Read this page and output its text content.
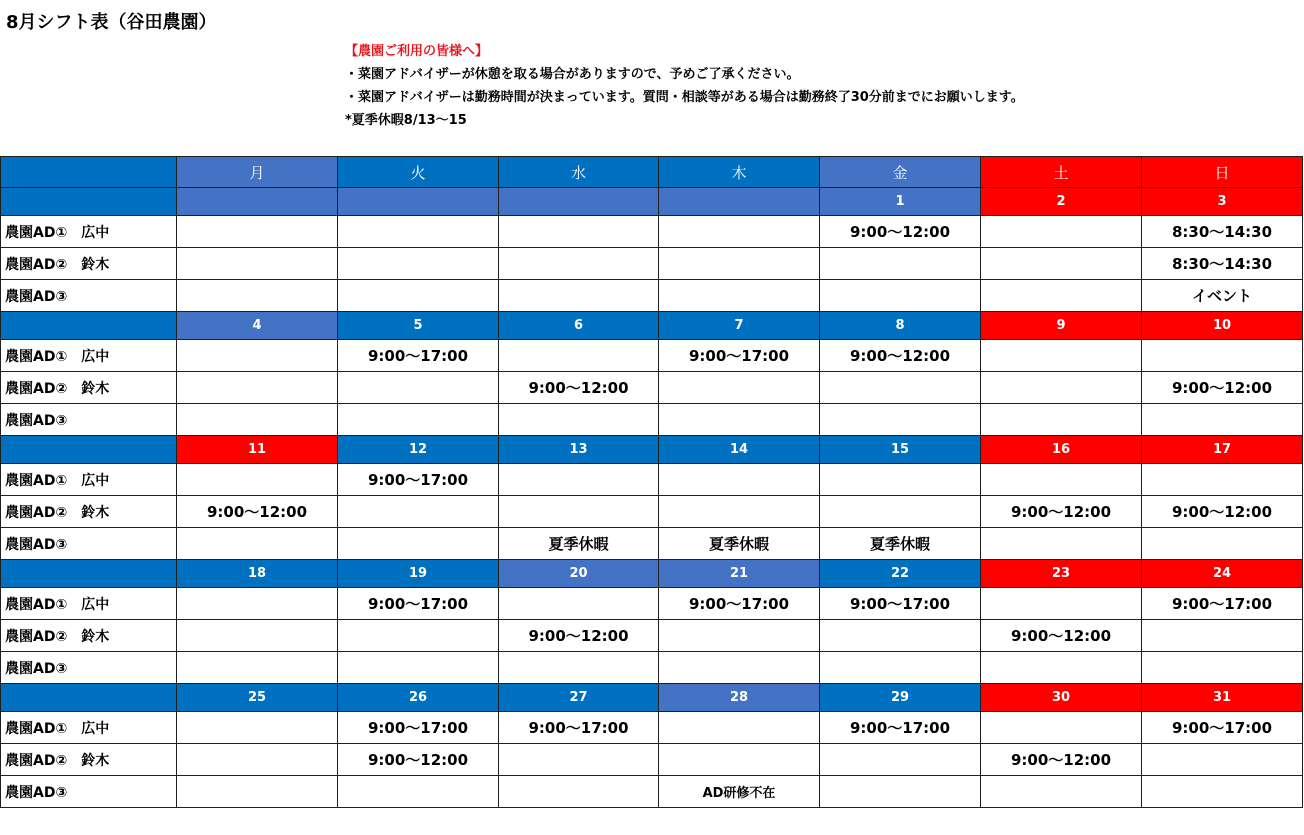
8月シフト表（谷田農園）
【農園ご利用の皆様へ】
・菜園アドバイザーが休憩を取る場合がありますので、予めご了承ください。
・菜園アドバイザーは勤務時間が決まっています。質問・相談等がある場合は勤務終了30分前までにお願いします。
*夏季休暇8/13〜15
	月	火	水	木	金	土	日
					1	2	3
農園AD①　広中					9:00〜12:00		8:30〜14:30
農園AD②　鈴木							8:30〜14:30
農園AD③							イベント
	4	5	6	7	8	9	10
農園AD①　広中		9:00〜17:00		9:00〜17:00	9:00〜12:00		
農園AD②　鈴木			9:00〜12:00				9:00〜12:00
農園AD③							
	11	12	13	14	15	16	17
農園AD①　広中		9:00〜17:00					
農園AD②　鈴木	9:00〜12:00					9:00〜12:00	9:00〜12:00
農園AD③			夏季休暇	夏季休暇	夏季休暇		
	18	19	20	21	22	23	24
農園AD①　広中		9:00〜17:00		9:00〜17:00	9:00〜17:00		9:00〜17:00
農園AD②　鈴木			9:00〜12:00			9:00〜12:00	
農園AD③							
	25	26	27	28	29	30	31
農園AD①　広中		9:00〜17:00	9:00〜17:00		9:00〜17:00		9:00〜17:00
農園AD②　鈴木		9:00〜12:00				9:00〜12:00	
農園AD③				AD研修不在			
